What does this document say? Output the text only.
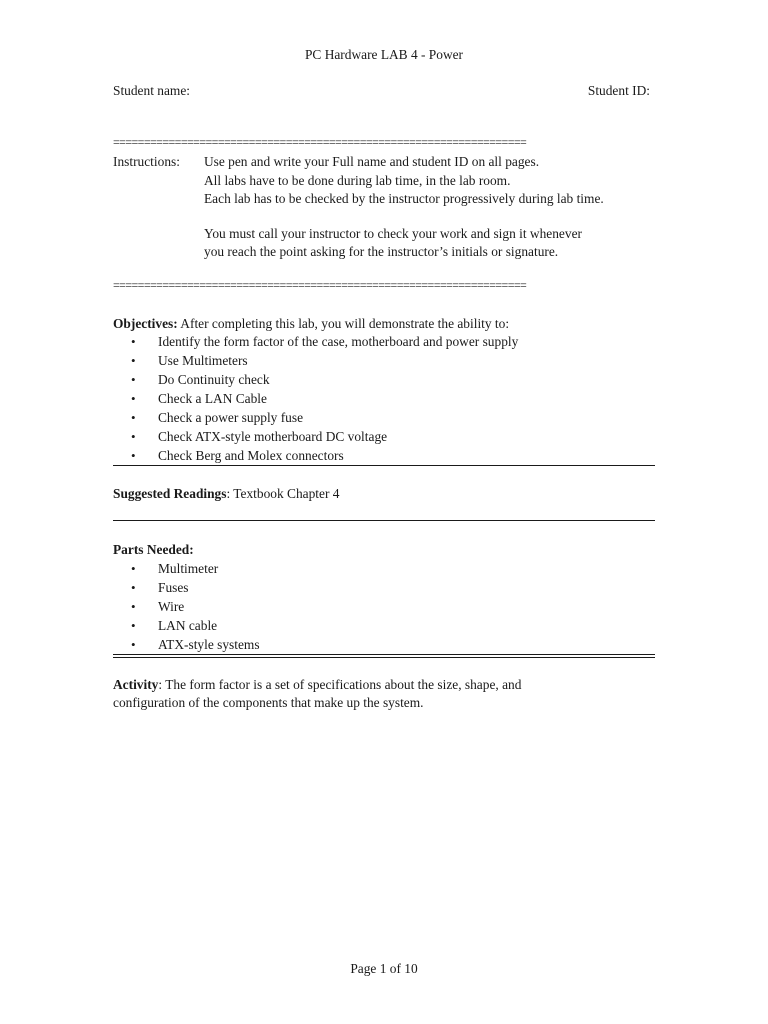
PC Hardware LAB 4 - Power
Student name:	Student ID:
===================================================================
Instructions: Use pen and write your Full name and student ID on all pages.
All labs have to be done during lab time, in the lab room.
Each lab has to be checked by the instructor progressively during lab time.
You must call your instructor to check your work and sign it whenever
you reach the point asking for the instructor’s initials or signature.
===================================================================
Objectives: After completing this lab, you will demonstrate the ability to:
• Identify the form factor of the case, motherboard and power supply
• Use Multimeters
• Do Continuity check
• Check a LAN Cable
• Check a power supply fuse
• Check ATX-style motherboard DC voltage
• Check Berg and Molex connectors
Suggested Readings: Textbook Chapter 4
Parts Needed:
• Multimeter
• Fuses
• Wire
• LAN cable
• ATX-style systems
Activity: The form factor is a set of specifications about the size, shape, and
configuration of the components that make up the system.
Page 1 of 10
